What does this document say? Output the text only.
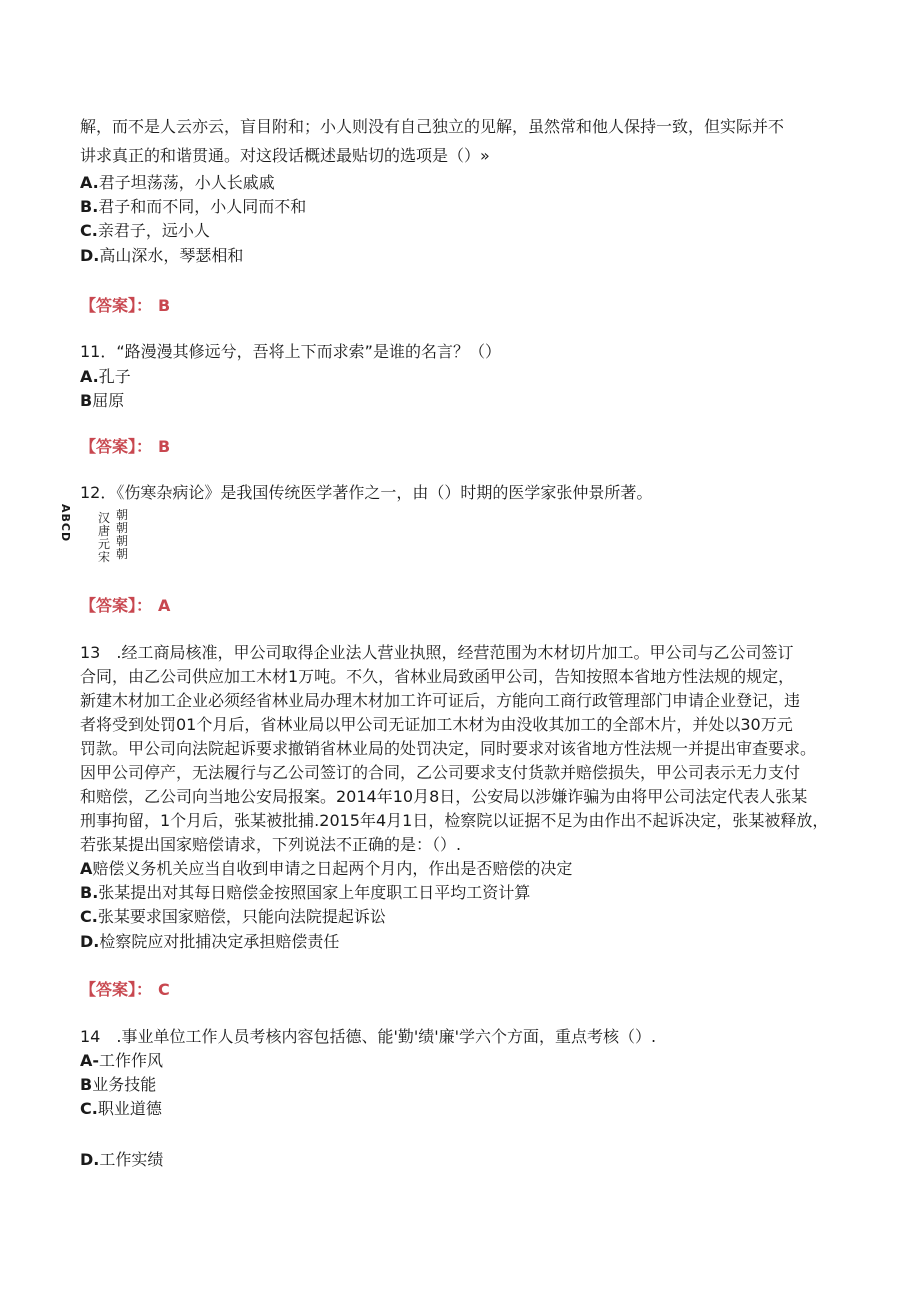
解，而不是人云亦云，盲目附和；小人则没有自己独立的见解，虽然常和他人保持一致，但实际并不
讲求真正的和谐贯通。对这段话概述最贴切的选项是（）»
A.君子坦荡荡，小人长戚戚
B.君子和而不同，小人同而不和
C.亲君子，远小人
D.高山深水，琴瑟相和
【答案】： B
11．“路漫漫其修远兮，吾将上下而求索”是谁的名言？（）
A.孔子
B屈原
【答案】： B
12．《伤寒杂病论》是我国传统医学著作之一，由（）时期的医学家张仲景所著。
ABCD 汉
唐
元
宋
朝
朝
朝
朝
【答案】： A
13　.经工商局核准，甲公司取得企业法人营业执照，经营范围为木材切片加工。甲公司与乙公司签订
合同，由乙公司供应加工木材1万吨。不久，省林业局致函甲公司，告知按照本省地方性法规的规定，
新建木材加工企业必须经省林业局办理木材加工许可证后，方能向工商行政管理部门申请企业登记，违
者将受到处罚01个月后，省林业局以甲公司无证加工木材为由没收其加工的全部木片，并处以30万元
罚款。甲公司向法院起诉要求撤销省林业局的处罚决定，同时要求对该省地方性法规一并提出审查要求。
因甲公司停产，无法履行与乙公司签订的合同，乙公司要求支付货款并赔偿损失，甲公司表示无力支付
和赔偿，乙公司向当地公安局报案。2014年10月8日，公安局以涉嫌诈骗为由将甲公司法定代表人张某
刑事拘留，1个月后，张某被批捕.2015年4月1日，检察院以证据不足为由作出不起诉决定，张某被释放，
若张某提出国家赔偿请求，下列说法不正确的是：（）.
A赔偿义务机关应当自收到申请之日起两个月内，作出是否赔偿的决定
B.张某提出对其每日赔偿金按照国家上年度职工日平均工资计算
C.张某要求国家赔偿，只能向法院提起诉讼
D.检察院应对批捕决定承担赔偿责任
【答案】： C
14　.事业单位工作人员考核内容包括德、能'勤'绩'廉'学六个方面，重点考核（）.
A-工作作风
B业务技能
C.职业道德
D.工作实绩
